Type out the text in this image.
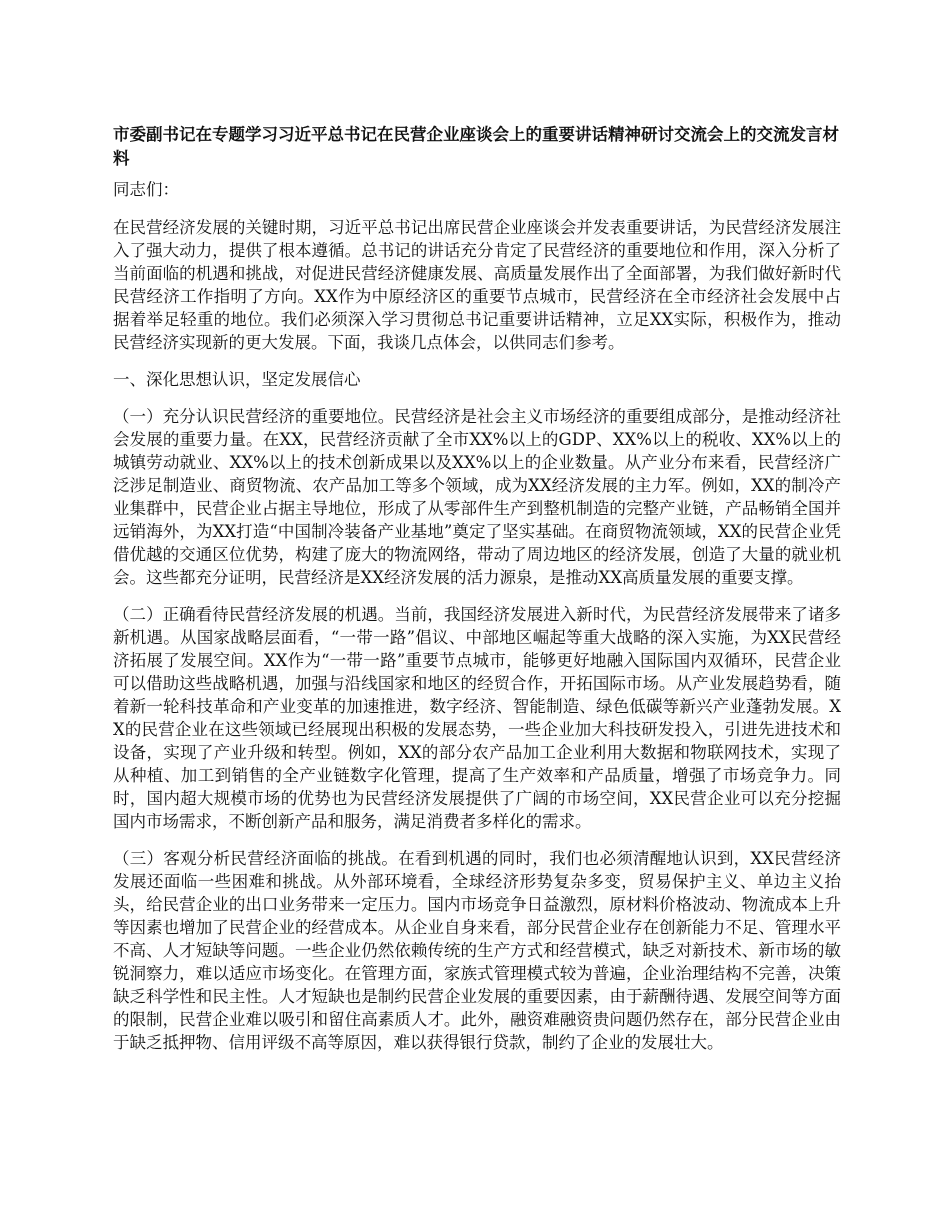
市委副书记在专题学习习近平总书记在民营企业座谈会上的重要讲话精神研讨交流会上的交流发言材料
同志们：
在民营经济发展的关键时期，习近平总书记出席民营企业座谈会并发表重要讲话，为民营经济发展注入了强大动力，提供了根本遵循。总书记的讲话充分肯定了民营经济的重要地位和作用，深入分析了当前面临的机遇和挑战，对促进民营经济健康发展、高质量发展作出了全面部署，为我们做好新时代民营经济工作指明了方向。XX作为中原经济区的重要节点城市，民营经济在全市经济社会发展中占据着举足轻重的地位。我们必须深入学习贯彻总书记重要讲话精神，立足XX实际，积极作为，推动民营经济实现新的更大发展。下面，我谈几点体会，以供同志们参考。
一、深化思想认识，坚定发展信心
（一）充分认识民营经济的重要地位。民营经济是社会主义市场经济的重要组成部分，是推动经济社会发展的重要力量。在XX，民营经济贡献了全市XX%以上的GDP、XX%以上的税收、XX%以上的城镇劳动就业、XX%以上的技术创新成果以及XX%以上的企业数量。从产业分布来看，民营经济广泛涉足制造业、商贸物流、农产品加工等多个领域，成为XX经济发展的主力军。例如，XX的制冷产业集群中，民营企业占据主导地位，形成了从零部件生产到整机制造的完整产业链，产品畅销全国并远销海外，为XX打造“中国制冷装备产业基地”奠定了坚实基础。在商贸物流领域，XX的民营企业凭借优越的交通区位优势，构建了庞大的物流网络，带动了周边地区的经济发展，创造了大量的就业机会。这些都充分证明，民营经济是XX经济发展的活力源泉，是推动XX高质量发展的重要支撑。
（二）正确看待民营经济发展的机遇。当前，我国经济发展进入新时代，为民营经济发展带来了诸多新机遇。从国家战略层面看，“一带一路”倡议、中部地区崛起等重大战略的深入实施，为XX民营经济拓展了发展空间。XX作为“一带一路”重要节点城市，能够更好地融入国际国内双循环，民营企业可以借助这些战略机遇，加强与沿线国家和地区的经贸合作，开拓国际市场。从产业发展趋势看，随着新一轮科技革命和产业变革的加速推进，数字经济、智能制造、绿色低碳等新兴产业蓬勃发展。XX的民营企业在这些领域已经展现出积极的发展态势，一些企业加大科技研发投入，引进先进技术和设备，实现了产业升级和转型。例如，XX的部分农产品加工企业利用大数据和物联网技术，实现了从种植、加工到销售的全产业链数字化管理，提高了生产效率和产品质量，增强了市场竞争力。同时，国内超大规模市场的优势也为民营经济发展提供了广阔的市场空间，XX民营企业可以充分挖掘国内市场需求，不断创新产品和服务，满足消费者多样化的需求。
（三）客观分析民营经济面临的挑战。在看到机遇的同时，我们也必须清醒地认识到，XX民营经济发展还面临一些困难和挑战。从外部环境看，全球经济形势复杂多变，贸易保护主义、单边主义抬头，给民营企业的出口业务带来一定压力。国内市场竞争日益激烈，原材料价格波动、物流成本上升等因素也增加了民营企业的经营成本。从企业自身来看，部分民营企业存在创新能力不足、管理水平不高、人才短缺等问题。一些企业仍然依赖传统的生产方式和经营模式，缺乏对新技术、新市场的敏锐洞察力，难以适应市场变化。在管理方面，家族式管理模式较为普遍，企业治理结构不完善，决策缺乏科学性和民主性。人才短缺也是制约民营企业发展的重要因素，由于薪酬待遇、发展空间等方面的限制，民营企业难以吸引和留住高素质人才。此外，融资难融资贵问题仍然存在，部分民营企业由于缺乏抵押物、信用评级不高等原因，难以获得银行贷款，制约了企业的发展壮大。
